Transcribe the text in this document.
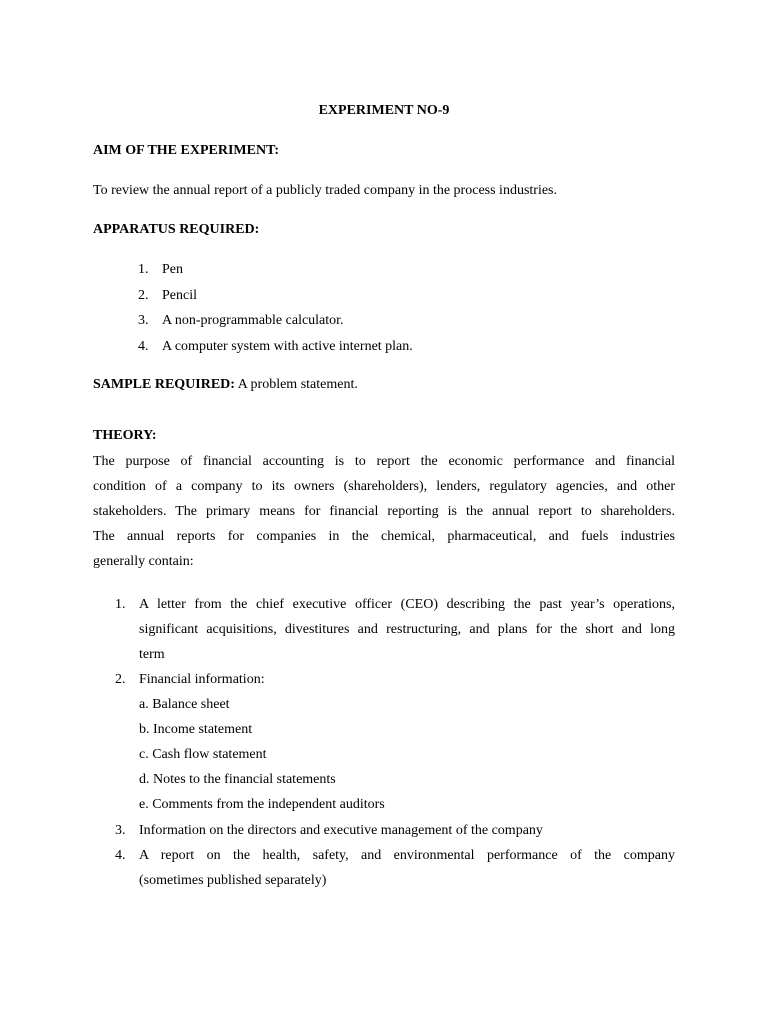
EXPERIMENT NO-9
AIM OF THE EXPERIMENT:
To review the annual report of a publicly traded company in the process industries.
APPARATUS REQUIRED:
1. Pen
2. Pencil
3. A non-programmable calculator.
4. A computer system with active internet plan.
SAMPLE REQUIRED: A problem statement.
THEORY:
The purpose of financial accounting is to report the economic performance and financial
condition of a company to its owners (shareholders), lenders, regulatory agencies, and other
stakeholders. The primary means for financial reporting is the annual report to shareholders.
The annual reports for companies in the chemical, pharmaceutical, and fuels industries
generally contain:
1. A letter from the chief executive officer (CEO) describing the past year’s operations,
significant acquisitions, divestitures and restructuring, and plans for the short and long
term
2. Financial information:
a. Balance sheet
b. Income statement
c. Cash flow statement
d. Notes to the financial statements
e. Comments from the independent auditors
3. Information on the directors and executive management of the company
4. A report on the health, safety, and environmental performance of the company
(sometimes published separately)
